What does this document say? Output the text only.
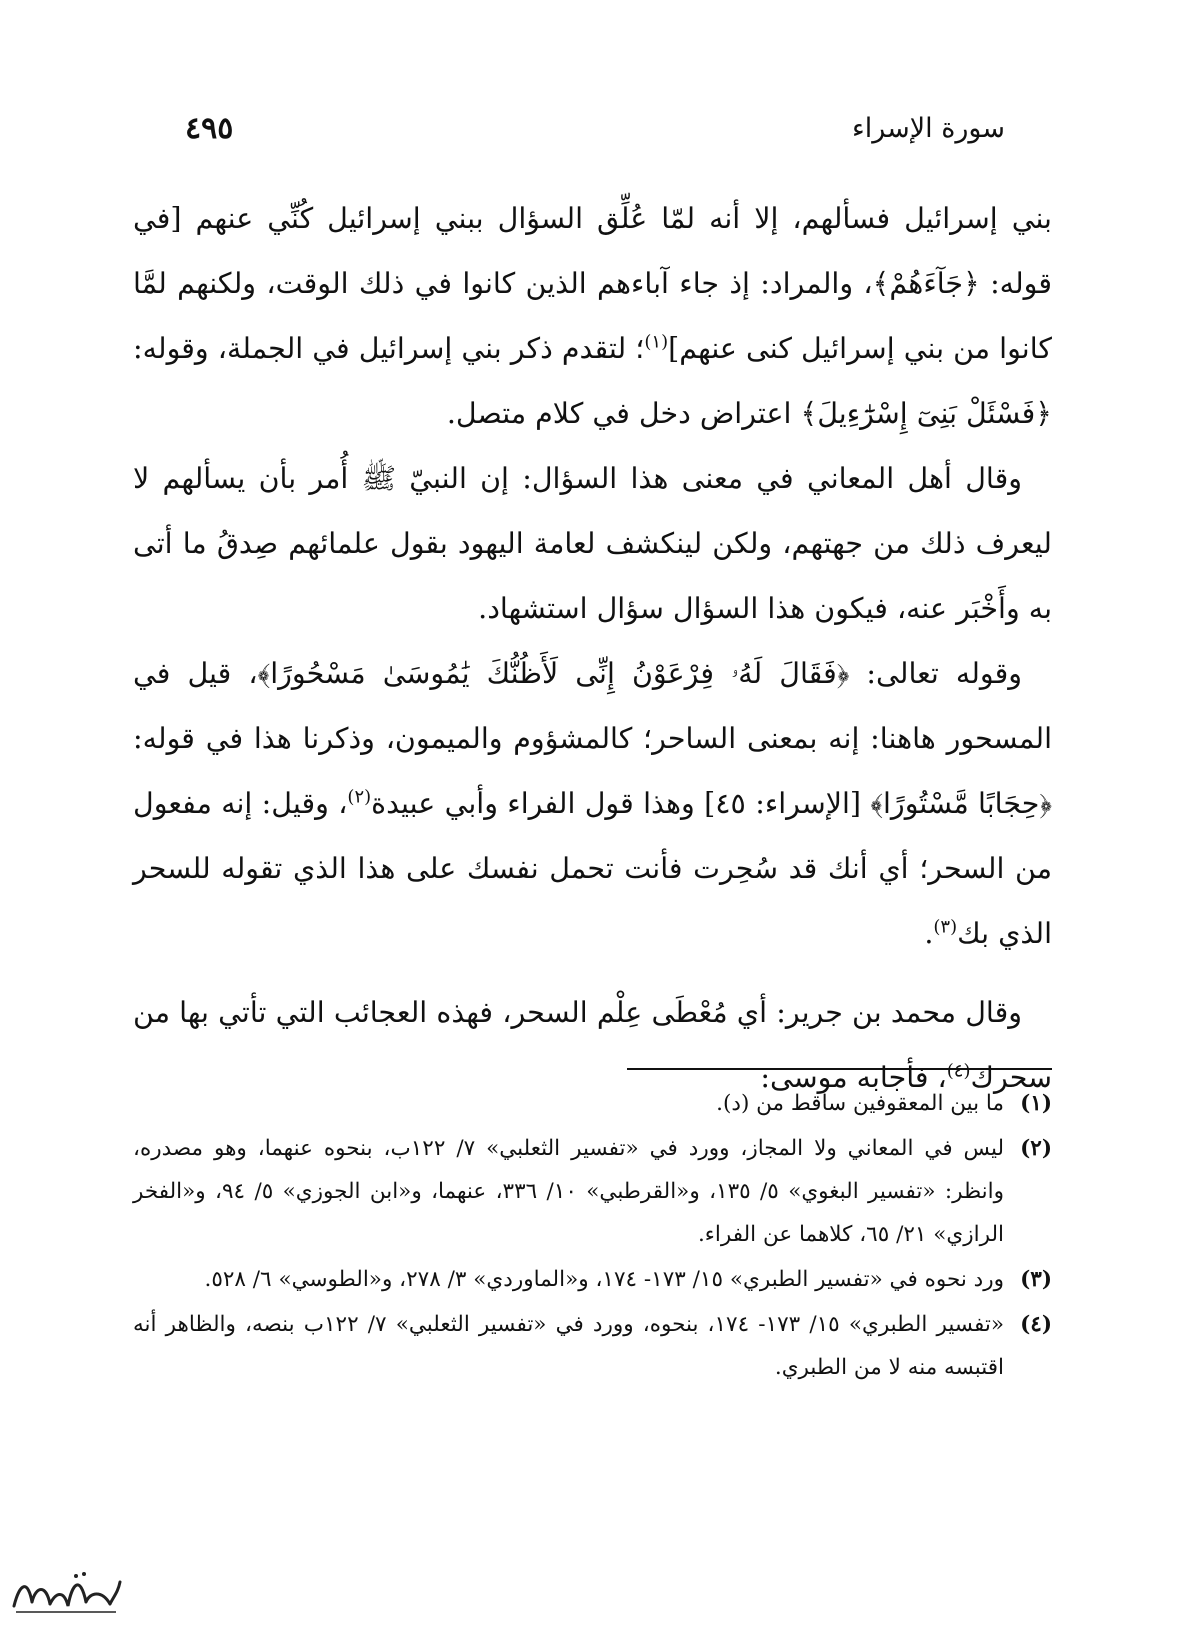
سورة الإسراء
٤٩٥

بني إسرائيل فسألهم، إلا أنه لمّا عُلِّق السؤال ببني إسرائيل كُنِّي عنهم [في قوله: ﴿جَآءَهُمْ﴾، والمراد: إذ جاء آباءهم الذين كانوا في ذلك الوقت، ولكنهم لمَّا كانوا من بني إسرائيل كنى عنهم]$^{(١)}$؛ لتقدم ذكر بني إسرائيل في الجملة، وقوله: ﴿فَسْئَلْ بَنِىٓ إِسْرَٰٓءِيلَ﴾ اعتراض دخل في كلام متصل.

وقال أهل المعاني في معنى هذا السؤال: إن النبيّ ﷺ أُمر بأن يسألهم لا ليعرف ذلك من جهتهم، ولكن لينكشف لعامة اليهود بقول علمائهم صِدقُ ما أتى به وأَخْبَر عنه، فيكون هذا السؤال سؤال استشهاد.

وقوله تعالى: ﴿فَقَالَ لَهُۥ فِرْعَوْنُ إِنِّى لَأَظُنُّكَ يَٰمُوسَىٰ مَسْحُورًا﴾، قيل في المسحور هاهنا: إنه بمعنى الساحر؛ كالمشؤوم والميمون، وذكرنا هذا في قوله: ﴿حِجَابًا مَّسْتُورًا﴾ [الإسراء: ٤٥] وهذا قول الفراء وأبي عبيدة$^{(٢)}$، وقيل: إنه مفعول من السحر؛ أي أنك قد سُحِرت فأنت تحمل نفسك على هذا الذي تقوله للسحر الذي بك$^{(٣)}$.

وقال محمد بن جرير: أي مُعْطَى عِلْم السحر، فهذه العجائب التي تأتي بها من سحرك$^{(٤)}$، فأجابه موسى:

(١)
ما بين المعقوفين ساقط من (د).
(٢)
ليس في المعاني ولا المجاز، وورد في «تفسير الثعلبي» ٧/ ١٢٢ب، بنحوه عنهما، وهو مصدره، وانظر: «تفسير البغوي» ٥/ ١٣٥، و«القرطبي» ١٠/ ٣٣٦، عنهما، و«ابن الجوزي» ٥/ ٩٤، و«الفخر الرازي» ٢١/ ٦٥، كلاهما عن الفراء.
(٣)
ورد نحوه في «تفسير الطبري» ١٥/ ١٧٣- ١٧٤، و«الماوردي» ٣/ ٢٧٨، و«الطوسي» ٦/ ٥٢٨.
(٤)
«تفسير الطبري» ١٥/ ١٧٣- ١٧٤، بنحوه، وورد في «تفسير الثعلبي» ٧/ ١٢٢ب بنصه، والظاهر أنه اقتبسه منه لا من الطبري.
